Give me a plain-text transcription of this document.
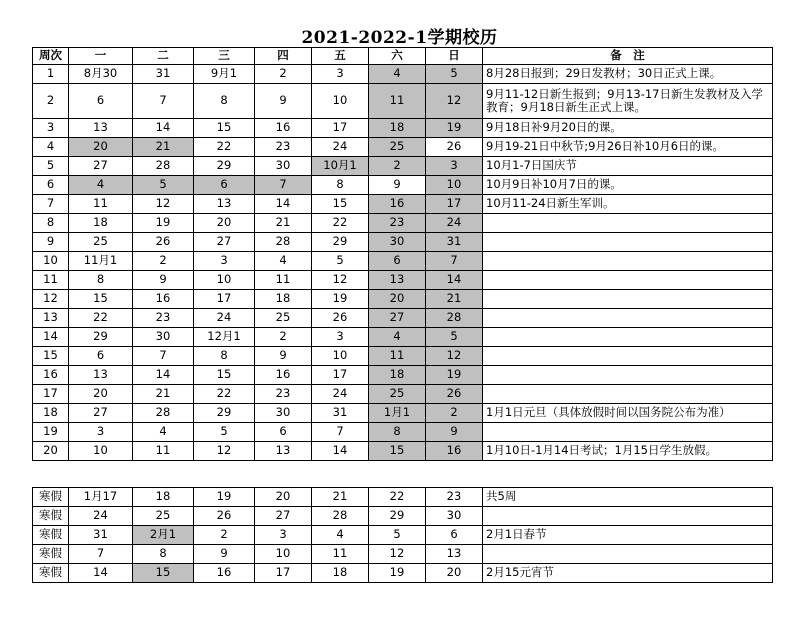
2021-2022-1学期校历
周次	一	二	三	四	五	六	日	备　注
1	8月30	31	9月1	2	3	4	5	8月28日报到；29日发教材；30日正式上课。
2	6	7	8	9	10	11	12	9月11-12日新生报到；9月13-17日新生发教材及入学教育；9月18日新生正式上课。
3	13	14	15	16	17	18	19	9月18日补9月20日的课。
4	20	21	22	23	24	25	26	9月19-21日中秋节;9月26日补10月6日的课。
5	27	28	29	30	10月1	2	3	10月1-7日国庆节
6	4	5	6	7	8	9	10	10月9日补10月7日的课。
7	11	12	13	14	15	16	17	10月11-24日新生军训。
8	18	19	20	21	22	23	24	
9	25	26	27	28	29	30	31	
10	11月1	2	3	4	5	6	7	
11	8	9	10	11	12	13	14	
12	15	16	17	18	19	20	21	
13	22	23	24	25	26	27	28	
14	29	30	12月1	2	3	4	5	
15	6	7	8	9	10	11	12	
16	13	14	15	16	17	18	19	
17	20	21	22	23	24	25	26	
18	27	28	29	30	31	1月1	2	1月1日元旦（具体放假时间以国务院公布为准）
19	3	4	5	6	7	8	9	
20	10	11	12	13	14	15	16	1月10日-1月14日考试；1月15日学生放假。
寒假	1月17	18	19	20	21	22	23	共5周
寒假	24	25	26	27	28	29	30	
寒假	31	2月1	2	3	4	5	6	2月1日春节
寒假	7	8	9	10	11	12	13	
寒假	14	15	16	17	18	19	20	2月15元宵节
